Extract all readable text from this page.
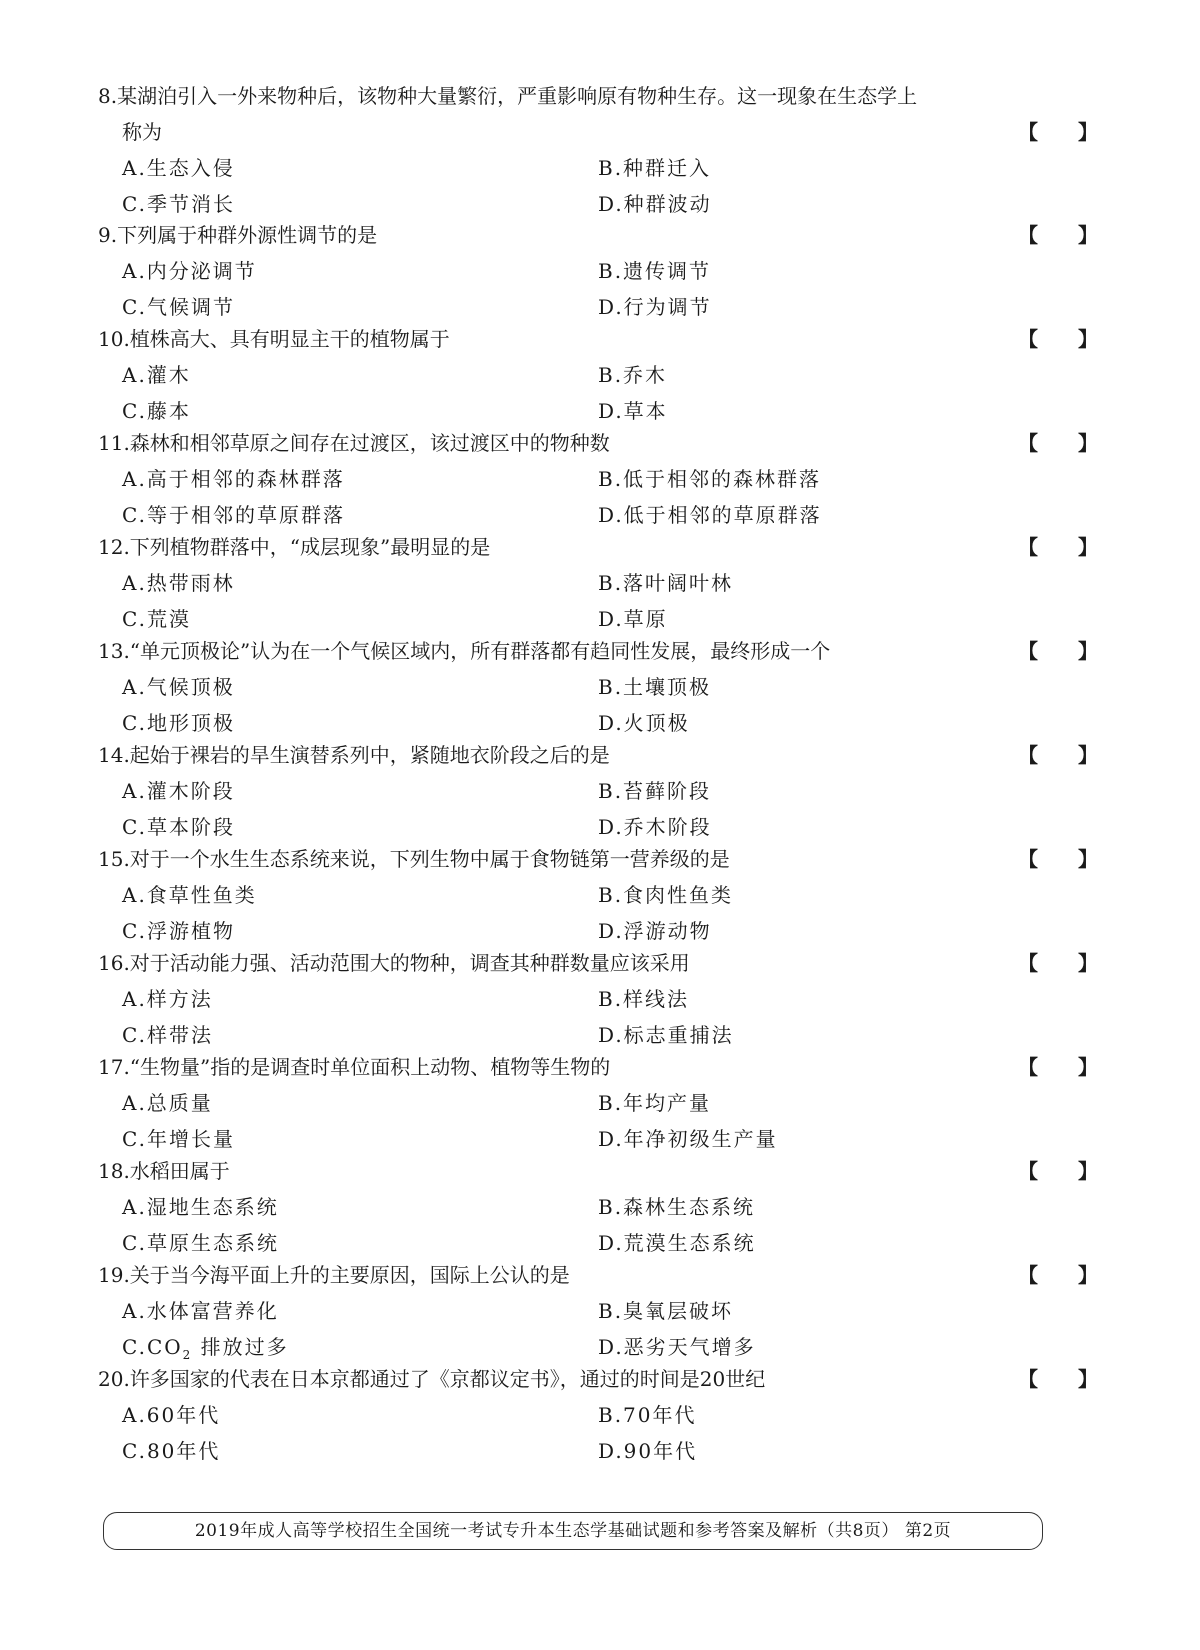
8.某湖泊引入一外来物种后，该物种大量繁衍，严重影响原有物种生存。这一现象在生态学上
称为	【　　】
A.生态入侵	B.种群迁入
C.季节消长	D.种群波动
9.下列属于种群外源性调节的是	【　　】
A.内分泌调节	B.遗传调节
C.气候调节	D.行为调节
10.植株高大、具有明显主干的植物属于	【　　】
A.灌木	B.乔木
C.藤本	D.草本
11.森林和相邻草原之间存在过渡区，该过渡区中的物种数	【　　】
A.高于相邻的森林群落	B.低于相邻的森林群落
C.等于相邻的草原群落	D.低于相邻的草原群落
12.下列植物群落中，“成层现象”最明显的是	【　　】
A.热带雨林	B.落叶阔叶林
C.荒漠	D.草原
13.“单元顶极论”认为在一个气候区域内，所有群落都有趋同性发展，最终形成一个	【　　】
A.气候顶极	B.土壤顶极
C.地形顶极	D.火顶极
14.起始于裸岩的旱生演替系列中，紧随地衣阶段之后的是	【　　】
A.灌木阶段	B.苔藓阶段
C.草本阶段	D.乔木阶段
15.对于一个水生生态系统来说，下列生物中属于食物链第一营养级的是	【　　】
A.食草性鱼类	B.食肉性鱼类
C.浮游植物	D.浮游动物
16.对于活动能力强、活动范围大的物种，调查其种群数量应该采用	【　　】
A.样方法	B.样线法
C.样带法	D.标志重捕法
17.“生物量”指的是调查时单位面积上动物、植物等生物的	【　　】
A.总质量	B.年均产量
C.年增长量	D.年净初级生产量
18.水稻田属于	【　　】
A.湿地生态系统	B.森林生态系统
C.草原生态系统	D.荒漠生态系统
19.关于当今海平面上升的主要原因，国际上公认的是	【　　】
A.水体富营养化	B.臭氧层破坏
$C.CO_2$ 排放过多	D.恶劣天气增多
20.许多国家的代表在日本京都通过了《京都议定书》，通过的时间是20世纪	【　　】
A.60年代	B.70年代
C.80年代	D.90年代
2019年成人高等学校招生全国统一考试专升本生态学基础试题和参考答案及解析（共8页） 第2页
